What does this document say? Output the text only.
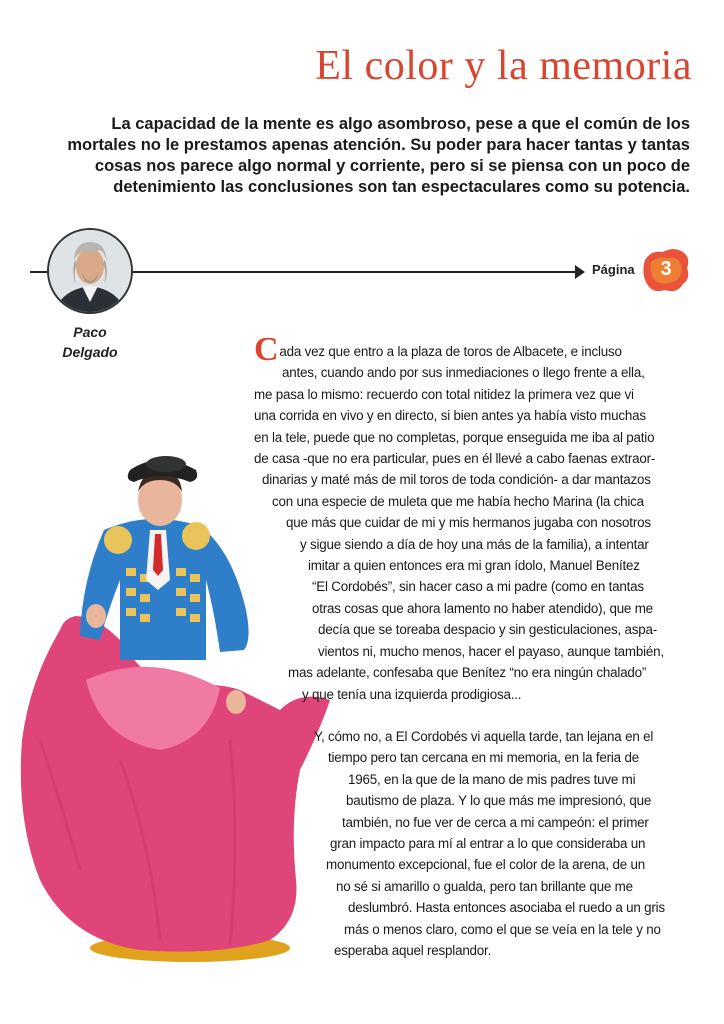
El color y la memoria
La capacidad de la mente es algo asombroso, pese a que el común de los
mortales no le prestamos apenas atención. Su poder para hacer tantas y tantas
cosas nos parece algo normal y corriente, pero si se piensa con un poco de
detenimiento las conclusiones son tan espectaculares como su potencia.
Página	3
Paco
Delgado	Cada vez que entro a la plaza de toros de Albacete, e incluso
antes, cuando ando por sus inmediaciones o llego frente a ella,
me pasa lo mismo: recuerdo con total nitidez la primera vez que vi
una corrida en vivo y en directo, si bien antes ya había visto muchas
en la tele, puede que no completas, porque enseguida me iba al patio
de casa -que no era particular, pues en él llevé a cabo faenas extraor-
dinarias y maté más de mil toros de toda condición- a dar mantazos
con una especie de muleta que me había hecho Marina (la chica
que más que cuidar de mi y mis hermanos jugaba con nosotros
y sigue siendo a día de hoy una más de la familia), a intentar
imitar a quien entonces era mi gran ídolo, Manuel Benítez
“El Cordobés”, sin hacer caso a mi padre (como en tantas
otras cosas que ahora lamento no haber atendido), que me
decía que se toreaba despacio y sin gesticulaciones, aspa-
vientos ni, mucho menos, hacer el payaso, aunque también,
mas adelante, confesaba que Benítez “no era ningún chalado”
y que tenía una izquierda prodigiosa...
Y, cómo no, a El Cordobés vi aquella tarde, tan lejana en el
tiempo pero tan cercana en mi memoria, en la feria de
1965, en la que de la mano de mis padres tuve mi
bautismo de plaza. Y lo que más me impresionó, que
también, no fue ver de cerca a mi campeón: el primer
gran impacto para mí al entrar a lo que consideraba un
monumento excepcional, fue el color de la arena, de un
no sé si amarillo o gualda, pero tan brillante que me
deslumbró. Hasta entonces asociaba el ruedo a un gris
más o menos claro, como el que se veía en la tele y no
esperaba aquel resplandor.
